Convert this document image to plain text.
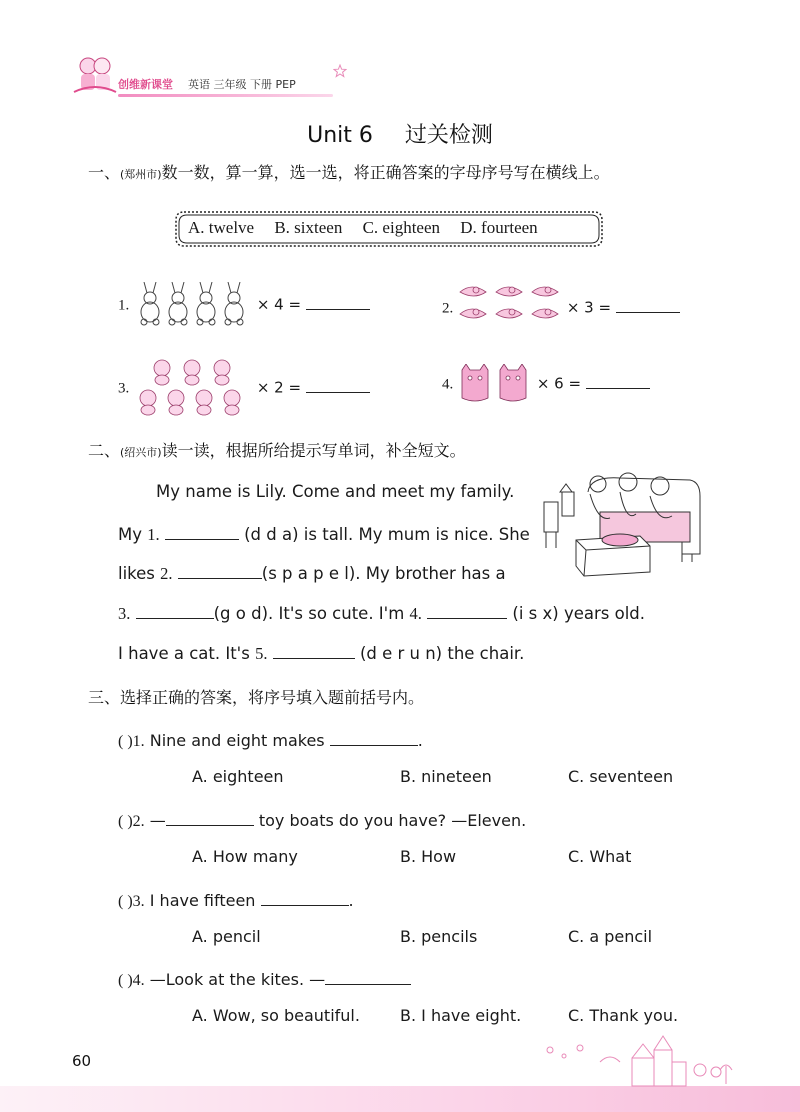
创维新课堂 英语 三年级 下册 PEP
Unit 6 过关检测
一、(郑州市)数一数，算一算，选一选，将正确答案的字母序号写在横线上。
A. twelve B. sixteen C. eighteen D. fourteen
1.	× 4 =	2.	× 3 =
3.	× 2 =	4.	× 6 =
二、(绍兴市)读一读，根据所给提示写单词，补全短文。
My name is Lily. Come and meet my family.
My 1.	(d d a) is tall. My mum is nice. She
likes 2.	(s p a p e l). My brother has a
3.	(g o d). It's so cute. I'm 4.	(i s x) years old.
I have a cat. It's 5.	(d e r u n) the chair.
三、选择正确的答案，将序号填入题前括号内。
( )1. Nine and eight makes	.
A. eighteen	B. nineteen	C. seventeen
( )2. —	toy boats do you have? —Eleven.
A. How many	B. How	C. What
( )3. I have fifteen	.
A. pencil	B. pencils	C. a pencil
( )4. —Look at the kites. —
A. Wow, so beautiful.	B. I have eight.	C. Thank you.
60
